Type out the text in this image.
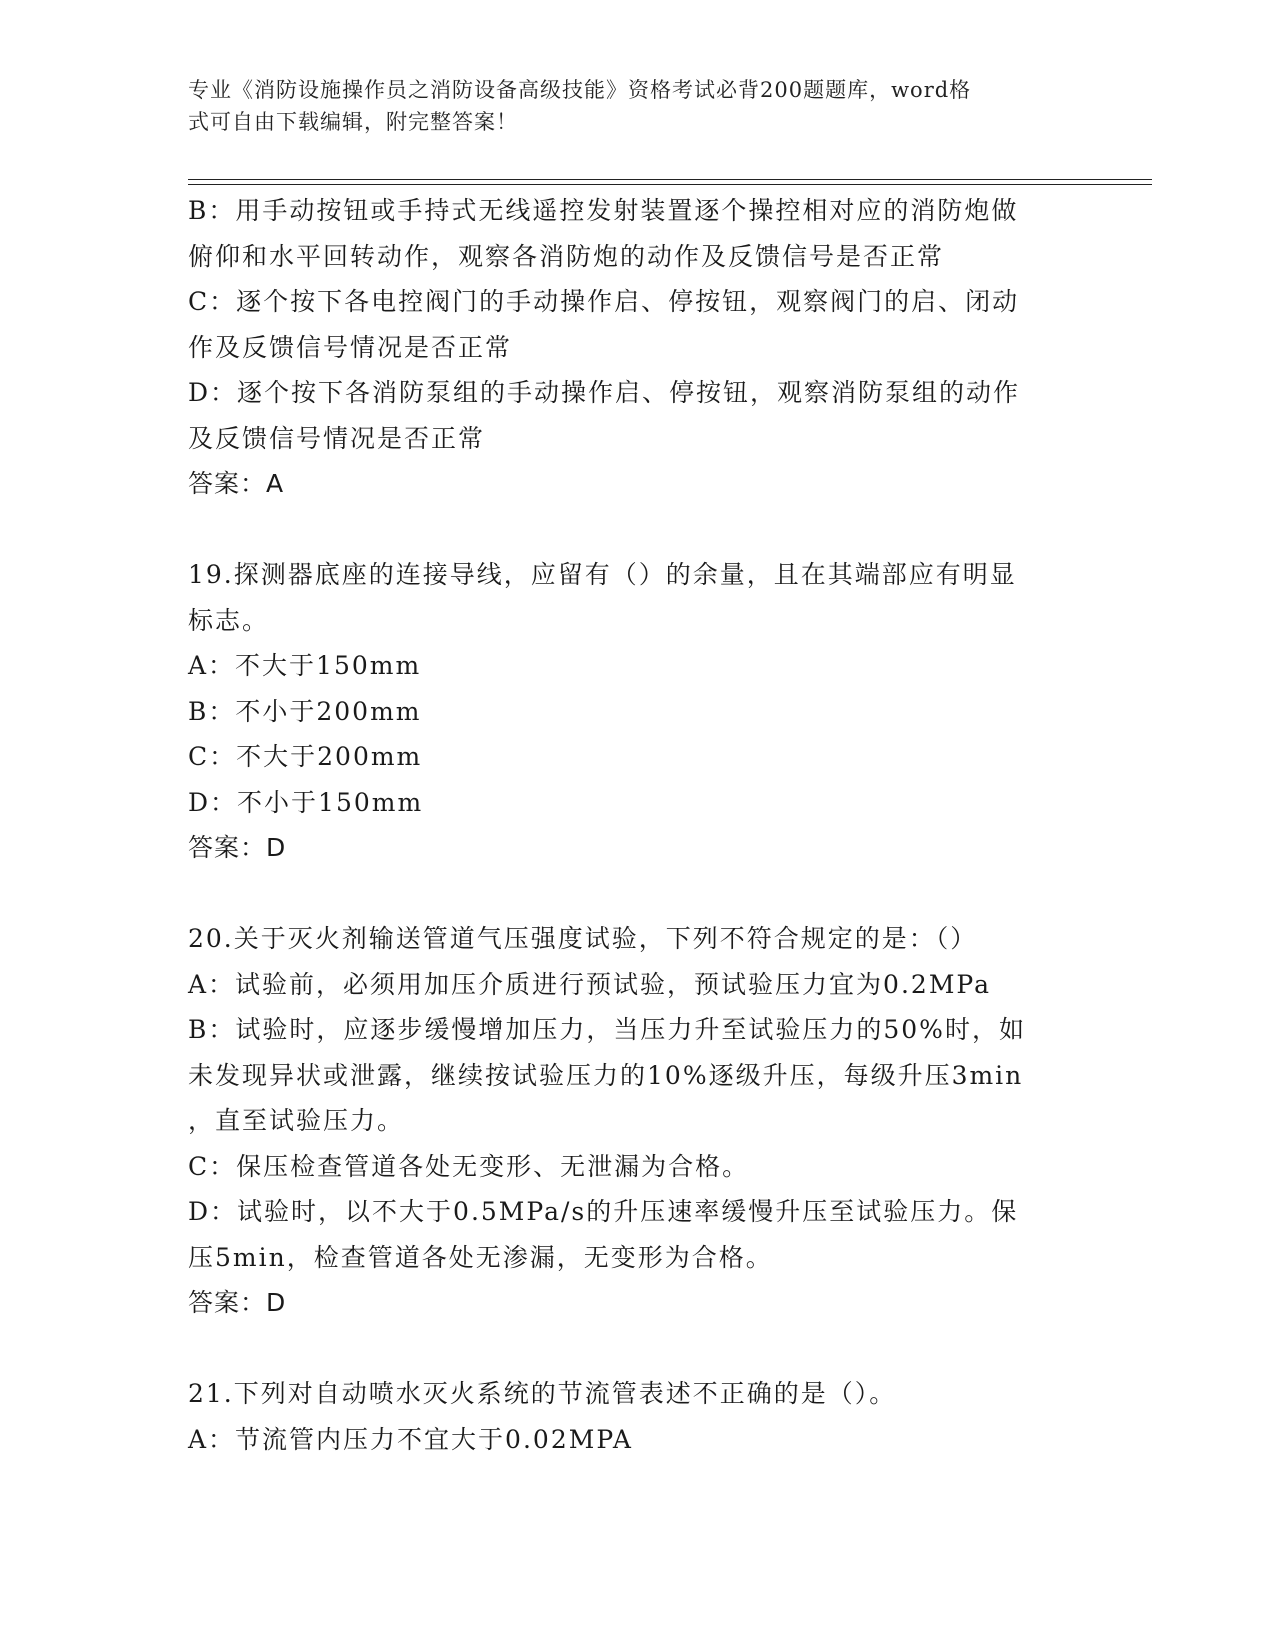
专业《消防设施操作员之消防设备高级技能》资格考试必背200题题库，word格
式可自由下载编辑，附完整答案！
B：用手动按钮或手持式无线遥控发射装置逐个操控相对应的消防炮做
俯仰和水平回转动作，观察各消防炮的动作及反馈信号是否正常
C：逐个按下各电控阀门的手动操作启、停按钮，观察阀门的启、闭动
作及反馈信号情况是否正常
D：逐个按下各消防泵组的手动操作启、停按钮，观察消防泵组的动作
及反馈信号情况是否正常
答案：A
19.探测器底座的连接导线，应留有（）的余量，且在其端部应有明显
标志。
A：不大于150mm
B：不小于200mm
C：不大于200mm
D：不小于150mm
答案：D
20.关于灭火剂输送管道气压强度试验，下列不符合规定的是：（）
A：试验前，必须用加压介质进行预试验，预试验压力宜为0.2MPa
B：试验时，应逐步缓慢增加压力，当压力升至试验压力的50%时，如
未发现异状或泄露，继续按试验压力的10%逐级升压，每级升压3min
，直至试验压力。
C：保压检查管道各处无变形、无泄漏为合格。
D：试验时，以不大于0.5MPa/s的升压速率缓慢升压至试验压力。保
压5min，检查管道各处无渗漏，无变形为合格。
答案：D
21.下列对自动喷水灭火系统的节流管表述不正确的是（）。
A：节流管内压力不宜大于0.02MPA
